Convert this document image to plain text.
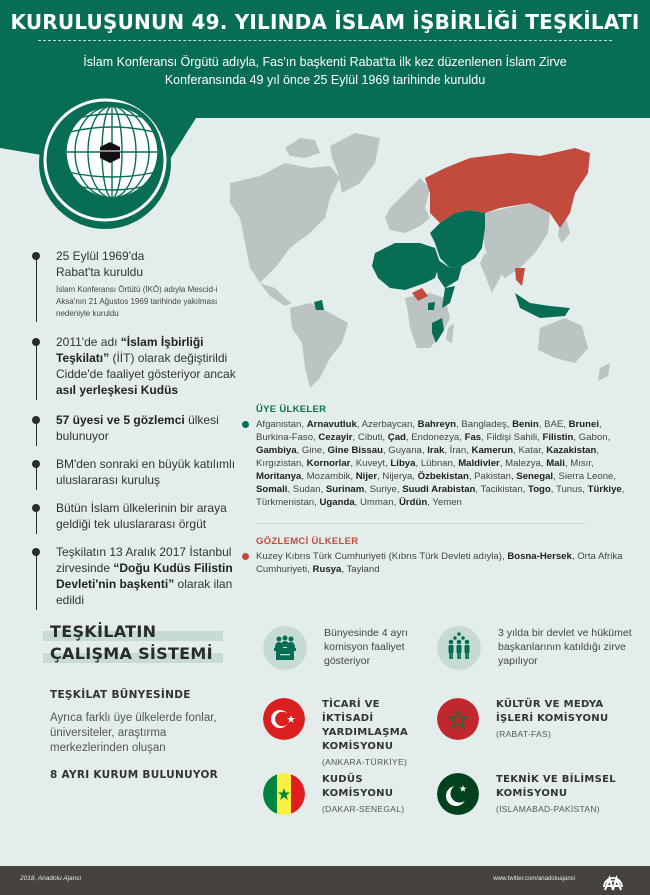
KURULUŞUNUN 49. YILINDA İSLAM İŞBİRLİĞİ TEŞKİLATI
İslam Konferansı Örgütü adıyla, Fas'ın başkenti Rabat'ta ilk kez düzenlenen İslam Zirve
Konferansında 49 yıl önce 25 Eylül 1969 tarihinde kuruldu
25 Eylül 1969'da Rabat'ta kuruldu
İslam Konferansı Örtütü (İKÖ) adıyla Mescid-i Aksa'nın 21 Ağustos 1969 tarihinde yakılması nedeniyle kuruldu
2011'de adı “İslam İşbirliği Teşkilatı” (İİT) olarak değiştirildi Cidde'de faaliyet gösteriyor ancak asıl yerleşkesi Kudüs
57 üyesi ve 5 gözlemci ülkesi bulunuyor
BM'den sonraki en büyük katılımlı uluslararası kuruluş
Bütün İslam ülkelerinin bir araya geldiği tek uluslararası örgüt
Teşkilatın 13 Aralık 2017 İstanbul zirvesinde “Doğu Kudüs Filistin Devleti'nin başkenti” olarak ilan edildi
ÜYE ÜLKELER
Afganistan, Arnavutluk, Azerbaycan, Bahreyn, Bangladeş, Benin, BAE, Brunei, Burkina-Faso, Cezayir, Cibuti, Çad, Endonezya, Fas, Fildişi Sahili, Filistin, Gabon, Gambiya, Gine, Gine Bissau, Guyana, Irak, İran, Kamerun, Katar, Kazakistan, Kırgızistan, Kornorlar, Kuveyt, Libya, Lübnan, Maldivler, Malezya, Mali, Mısır, Moritanya, Mozambik, Nijer, Nijerya, Özbekistan, Pakistan, Senegal, Sierra Leone, Somali, Sudan, Surinam, Suriye, Suudi Arabistan, Tacikistan, Togo, Tunus, Türkiye, Türkmenistan, Uganda, Umman, Ürdün, Yemen
GÖZLEMCİ ÜLKELER
Kuzey Kıbrıs Türk Cumhuriyeti (Kıbrıs Türk Devleti adıyla), Bosna-Hersek, Orta Afrika Cumhuriyeti, Rusya, Tayland
TEŞKİLATIN
ÇALIŞMA SİSTEMİ
TEŞKİLAT BÜNYESİNDE
Ayrıca farklı üye ülkelerde fonlar, üniversiteler, araştırma merkezlerinden oluşan
8 AYRI KURUM BULUNUYOR
Bünyesinde 4 ayrı komisyon faaliyet gösteriyor
3 yılda bir devlet ve hükümet başkanlarının katıldığı zirve yapılıyor
TİCARİ VE İKTİSADİ YARDIMLAŞMA KOMİSYONU
(ANKARA-TÜRKİYE)
KÜLTÜR VE MEDYA İŞLERİ KOMİSYONU
(RABAT-FAS)
KUDÜS KOMİSYONU
(DAKAR-SENEGAL)
TEKNİK VE BİLİMSEL KOMİSYONU
(İSLAMABAD-PAKİSTAN)
2018, Anadolu Ajansı	www.twitter.com/anadoluajansi
